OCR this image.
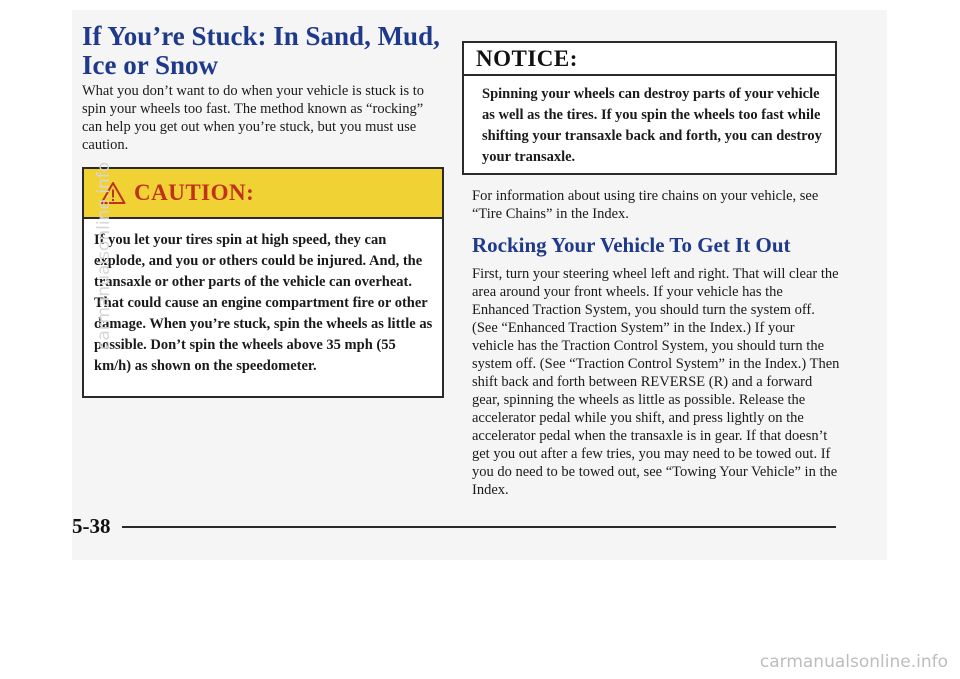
If You’re Stuck: In Sand, Mud, Ice or Snow

What you don’t want to do when your vehicle is stuck is to spin your wheels too fast. The method known as “rocking” can help you get out when you’re stuck, but you must use caution.

CAUTION:

If you let your tires spin at high speed, they can explode, and you or others could be injured. And, the transaxle or other parts of the vehicle can overheat. That could cause an engine compartment fire or other damage. When you’re stuck, spin the wheels as little as possible. Don’t spin the wheels above 35 mph (55 km/h) as shown on the speedometer.

NOTICE:

Spinning your wheels can destroy parts of your vehicle as well as the tires. If you spin the wheels too fast while shifting your transaxle back and forth, you can destroy your transaxle.

For information about using tire chains on your vehicle, see “Tire Chains” in the Index.

Rocking Your Vehicle To Get It Out

First, turn your steering wheel left and right. That will clear the area around your front wheels. If your vehicle has the Enhanced Traction System, you should turn the system off. (See “Enhanced Traction System” in the Index.) If your vehicle has the Traction Control System, you should turn the system off. (See “Traction Control System” in the Index.) Then shift back and forth between REVERSE (R) and a forward gear, spinning the wheels as little as possible. Release the accelerator pedal while you shift, and press lightly on the accelerator pedal when the transaxle is in gear. If that doesn’t get you out after a few tries, you may need to be towed out. If you do need to be towed out, see “Towing Your Vehicle” in the Index.

5-38
carmanualsonline.info
carmanualsonline.info
